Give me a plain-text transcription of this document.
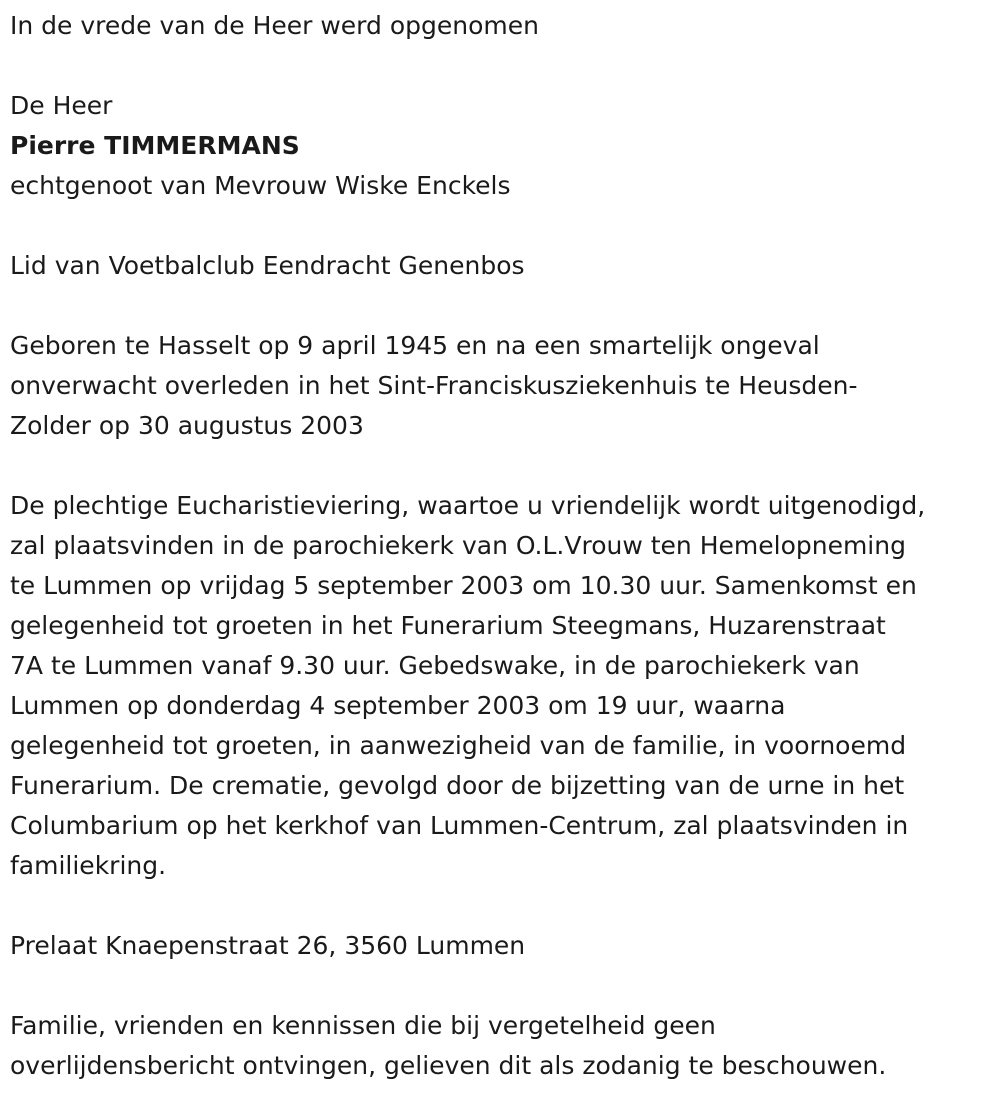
In de vrede van de Heer werd opgenomen
De Heer
Pierre TIMMERMANS
echtgenoot van Mevrouw Wiske Enckels
Lid van Voetbalclub Eendracht Genenbos
Geboren te Hasselt op 9 april 1945 en na een smartelijk ongeval
onverwacht overleden in het Sint-Franciskusziekenhuis te Heusden-
Zolder op 30 augustus 2003
De plechtige Eucharistieviering, waartoe u vriendelijk wordt uitgenodigd,
zal plaatsvinden in de parochiekerk van O.L.Vrouw ten Hemelopneming
te Lummen op vrijdag 5 september 2003 om 10.30 uur. Samenkomst en
gelegenheid tot groeten in het Funerarium Steegmans, Huzarenstraat
7A te Lummen vanaf 9.30 uur. Gebedswake, in de parochiekerk van
Lummen op donderdag 4 september 2003 om 19 uur, waarna
gelegenheid tot groeten, in aanwezigheid van de familie, in voornoemd
Funerarium. De crematie, gevolgd door de bijzetting van de urne in het
Columbarium op het kerkhof van Lummen-Centrum, zal plaatsvinden in
familiekring.
Prelaat Knaepenstraat 26, 3560 Lummen
Familie, vrienden en kennissen die bij vergetelheid geen
overlijdensbericht ontvingen, gelieven dit als zodanig te beschouwen.
